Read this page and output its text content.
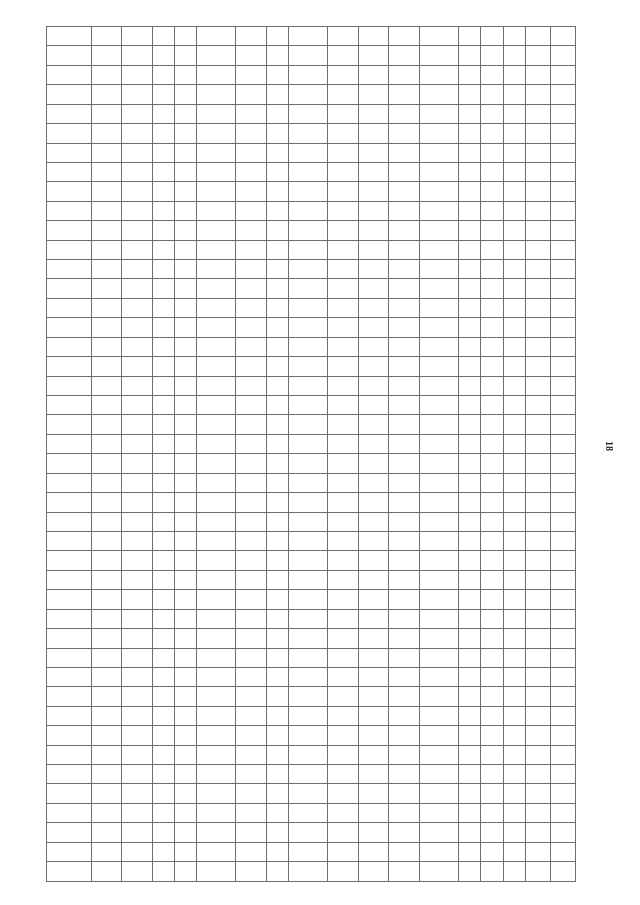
18
